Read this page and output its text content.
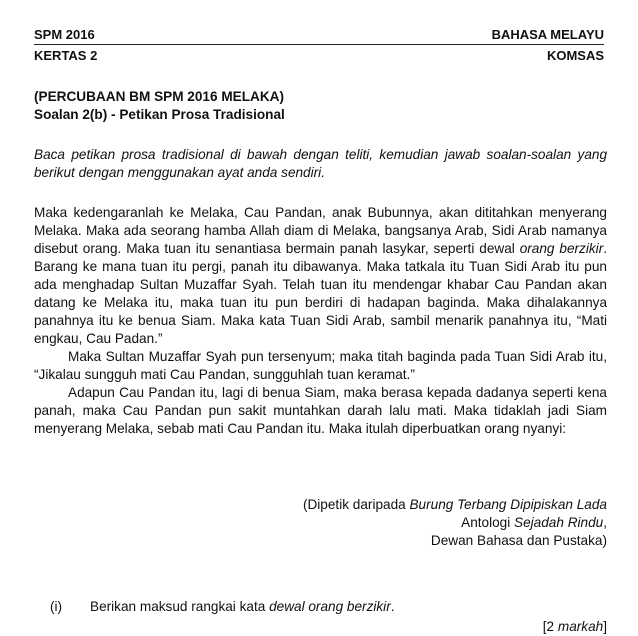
SPM 2016	BAHASA MELAYU
KERTAS 2	KOMSAS
(PERCUBAAN BM SPM 2016 MELAKA)
Soalan 2(b) - Petikan Prosa Tradisional
Baca petikan prosa tradisional di bawah dengan teliti, kemudian jawab soalan-soalan yang berikut dengan menggunakan ayat anda sendiri.

Maka kedengaranlah ke Melaka, Cau Pandan, anak Bubunnya, akan dititahkan menyerang Melaka. Maka ada seorang hamba Allah diam di Melaka, bangsanya Arab, Sidi Arab namanya disebut orang. Maka tuan itu senantiasa bermain panah lasykar, seperti dewal orang berzikir. Barang ke mana tuan itu pergi, panah itu dibawanya. Maka tatkala itu Tuan Sidi Arab itu pun ada menghadap Sultan Muzaffar Syah. Telah tuan itu mendengar khabar Cau Pandan akan datang ke Melaka itu, maka tuan itu pun berdiri di hadapan baginda. Maka dihalakannya panahnya itu ke benua Siam. Maka kata Tuan Sidi Arab, sambil menarik panahnya itu, “Mati engkau, Cau Padan.”

Maka Sultan Muzaffar Syah pun tersenyum; maka titah baginda pada Tuan Sidi Arab itu, “Jikalau sungguh mati Cau Pandan, sungguhlah tuan keramat.”

Adapun Cau Pandan itu, lagi di benua Siam, maka berasa kepada dadanya seperti kena panah, maka Cau Pandan pun sakit muntahkan darah lalu mati. Maka tidaklah jadi Siam menyerang Melaka, sebab mati Cau Pandan itu. Maka itulah diperbuatkan orang nyanyi:

(Dipetik daripada Burung Terbang Dipipiskan Lada
Antologi Sejadah Rindu,
Dewan Bahasa dan Pustaka)
(i) Berikan maksud rangkai kata dewal orang berzikir.
[2 markah]
